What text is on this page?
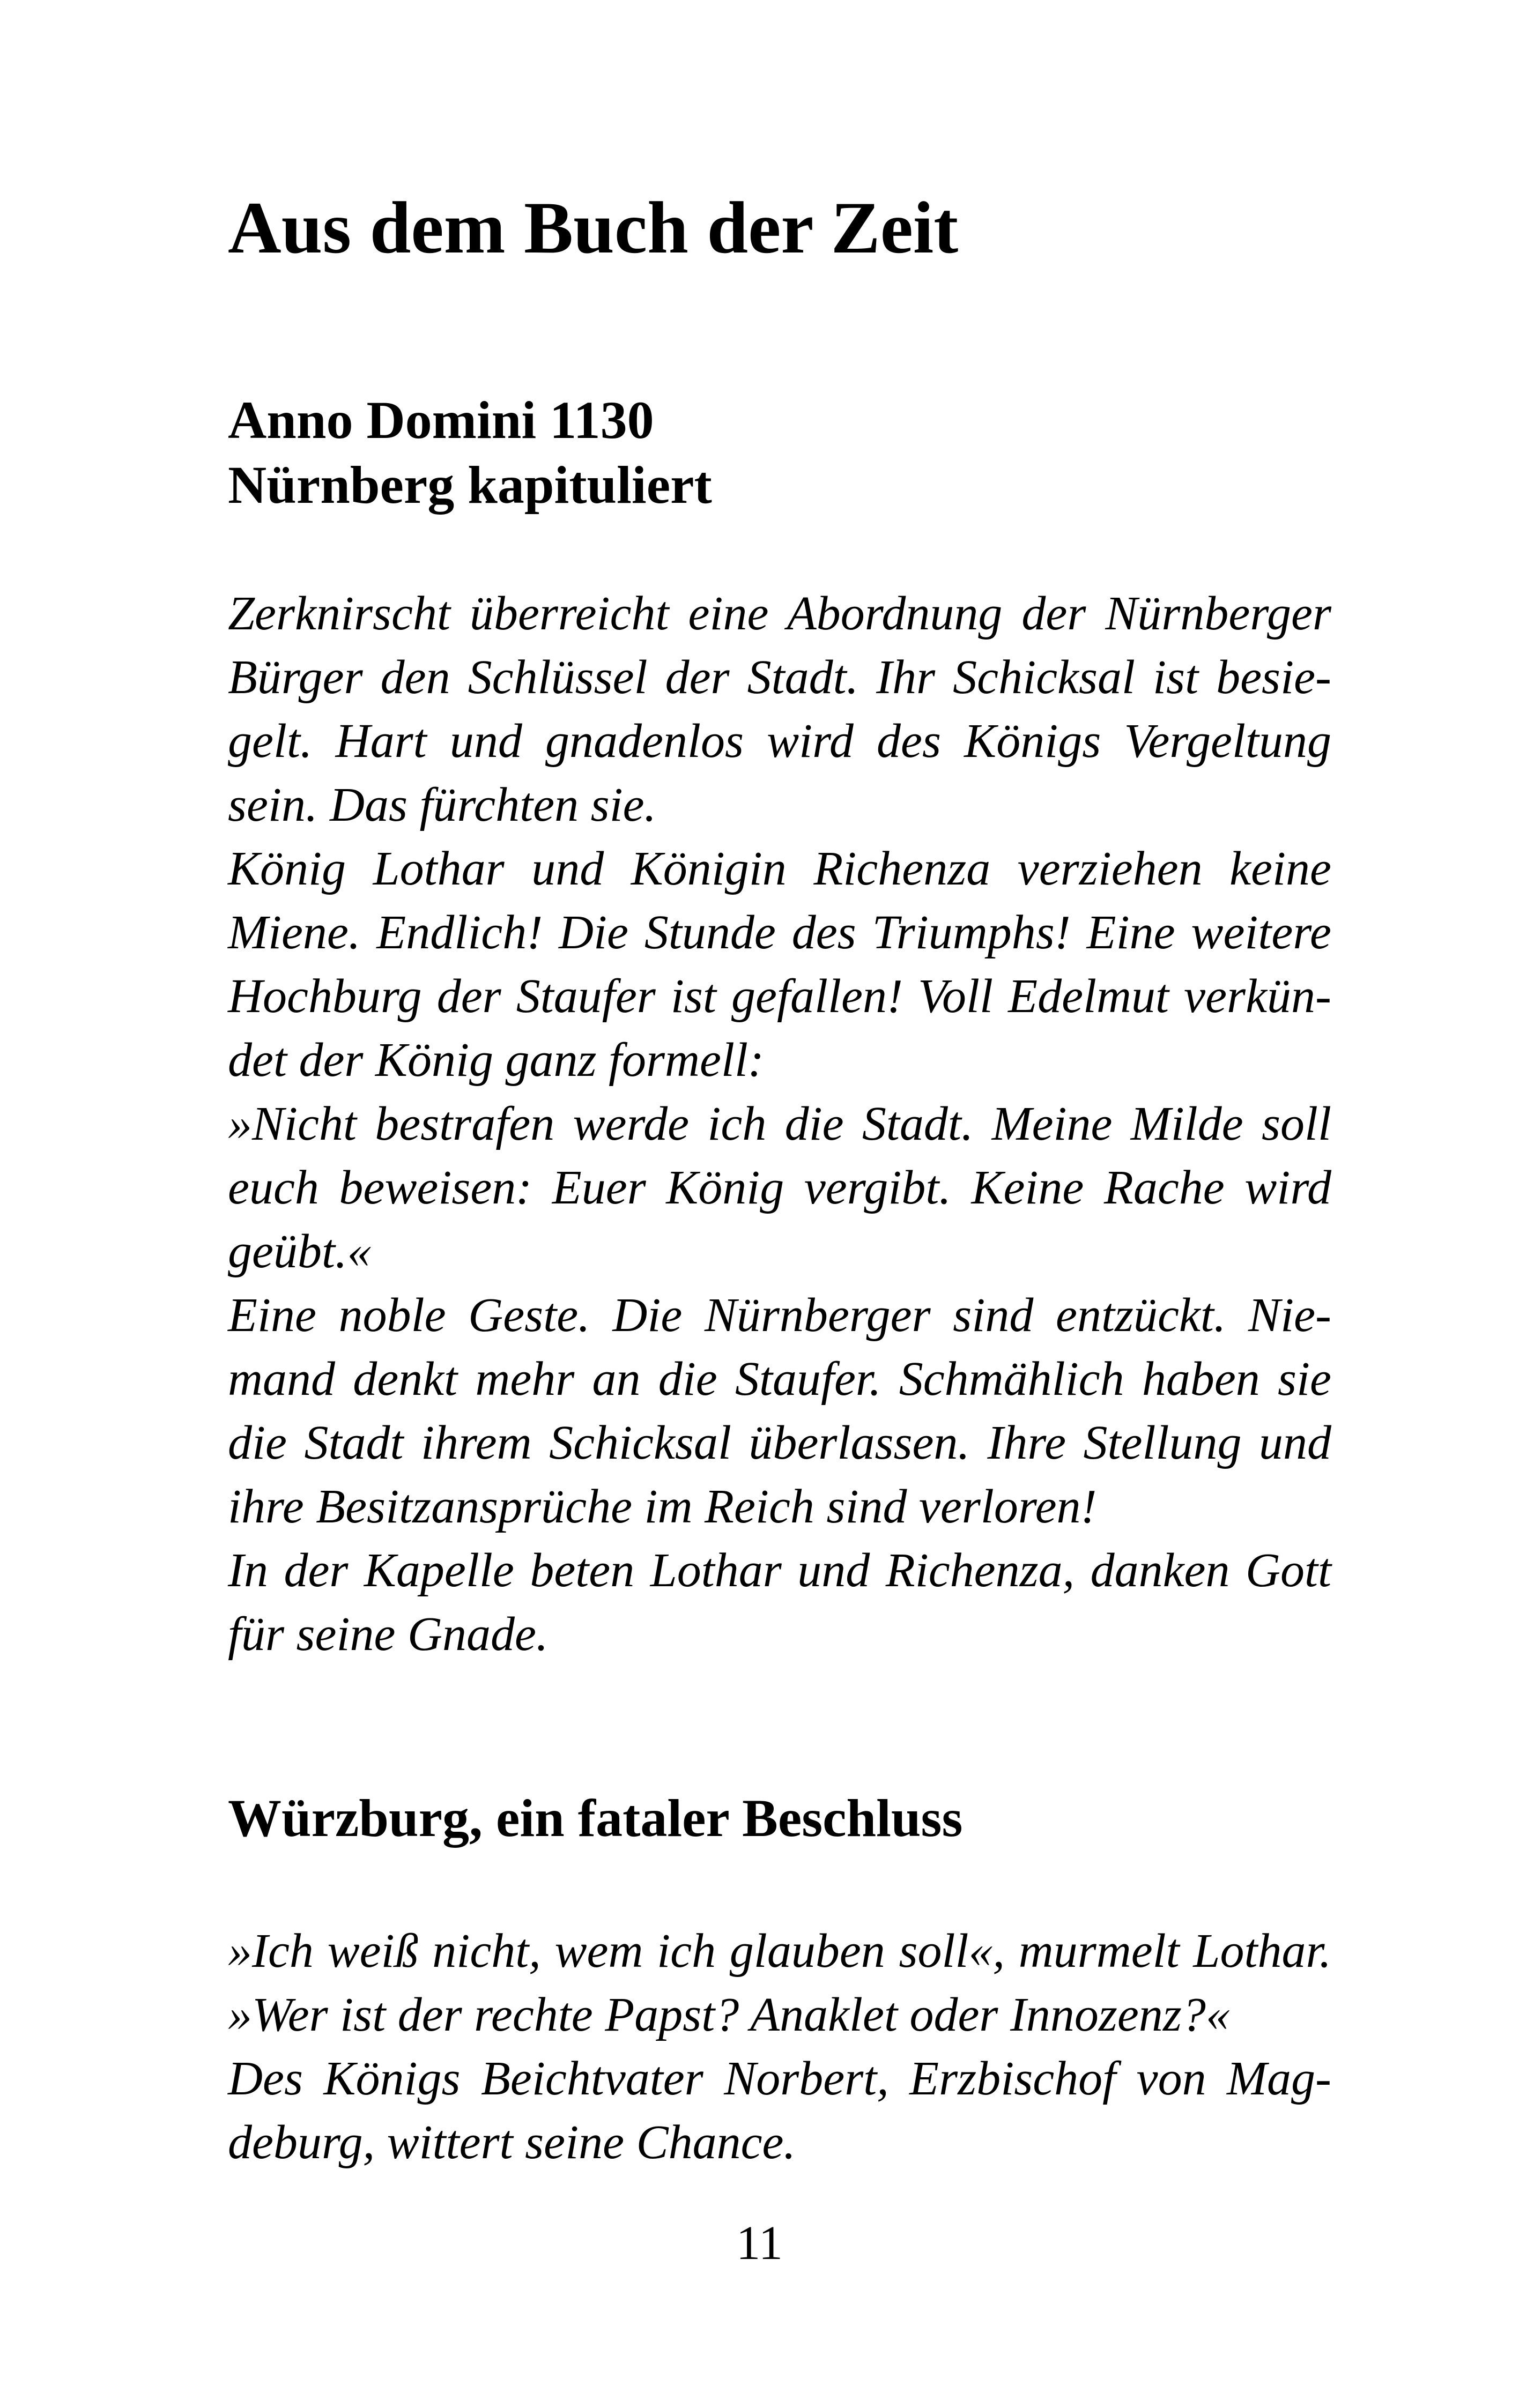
Aus dem Buch der Zeit
Anno Domini 1130
Nürnberg kapituliert
Zerknirscht überreicht eine Abordnung der Nürnberger
Bürger den Schlüssel der Stadt. Ihr Schicksal ist besie-
gelt. Hart und gnadenlos wird des Königs Vergeltung
sein. Das fürchten sie.
König Lothar und Königin Richenza verziehen keine
Miene. Endlich! Die Stunde des Triumphs! Eine weitere
Hochburg der Staufer ist gefallen! Voll Edelmut verkün-
det der König ganz formell:
»Nicht bestrafen werde ich die Stadt. Meine Milde soll
euch beweisen: Euer König vergibt. Keine Rache wird
geübt.«
Eine noble Geste. Die Nürnberger sind entzückt. Nie-
mand denkt mehr an die Staufer. Schmählich haben sie
die Stadt ihrem Schicksal überlassen. Ihre Stellung und
ihre Besitzansprüche im Reich sind verloren!
In der Kapelle beten Lothar und Richenza, danken Gott
für seine Gnade.
Würzburg, ein fataler Beschluss
»Ich weiß nicht, wem ich glauben soll«, murmelt Lothar.
»Wer ist der rechte Papst? Anaklet oder Innozenz?«
Des Königs Beichtvater Norbert, Erzbischof von Mag-
deburg, wittert seine Chance.
11
